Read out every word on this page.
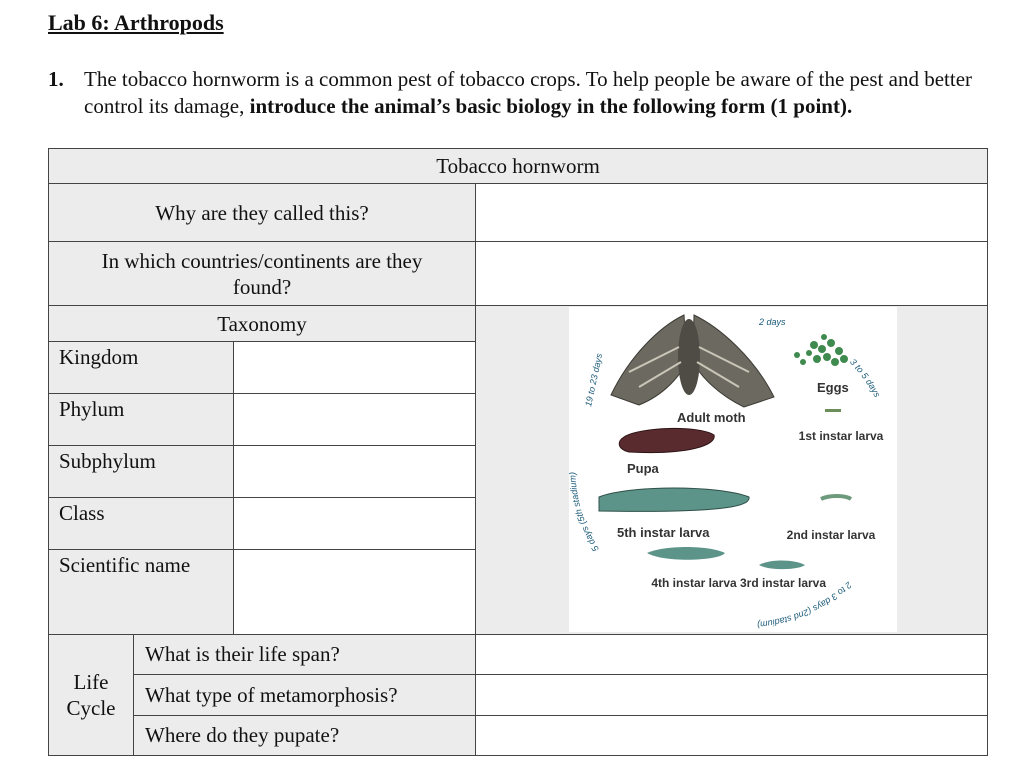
Lab 6: Arthropods
1. The tobacco hornworm is a common pest of tobacco crops. To help people be aware of the pest and better control its damage, introduce the animal’s basic biology in the following form (1 point).
Tobacco hornworm
Why are they called this?
In which countries/continents are they found?
Taxonomy
Kingdom
Phylum
Subphylum
Class
Scientific name
Life Cycle
What is their life span?
What type of metamorphosis?
Where do they pupate?
Adult moth
Eggs
1st instar larva
Pupa
2nd instar larva
5th instar larva
4th instar larva 3rd instar larva
2 days
3 to 5 days
2 to 3 days (2nd stadium)
5 days (5th stadiu
19 to 23 days
